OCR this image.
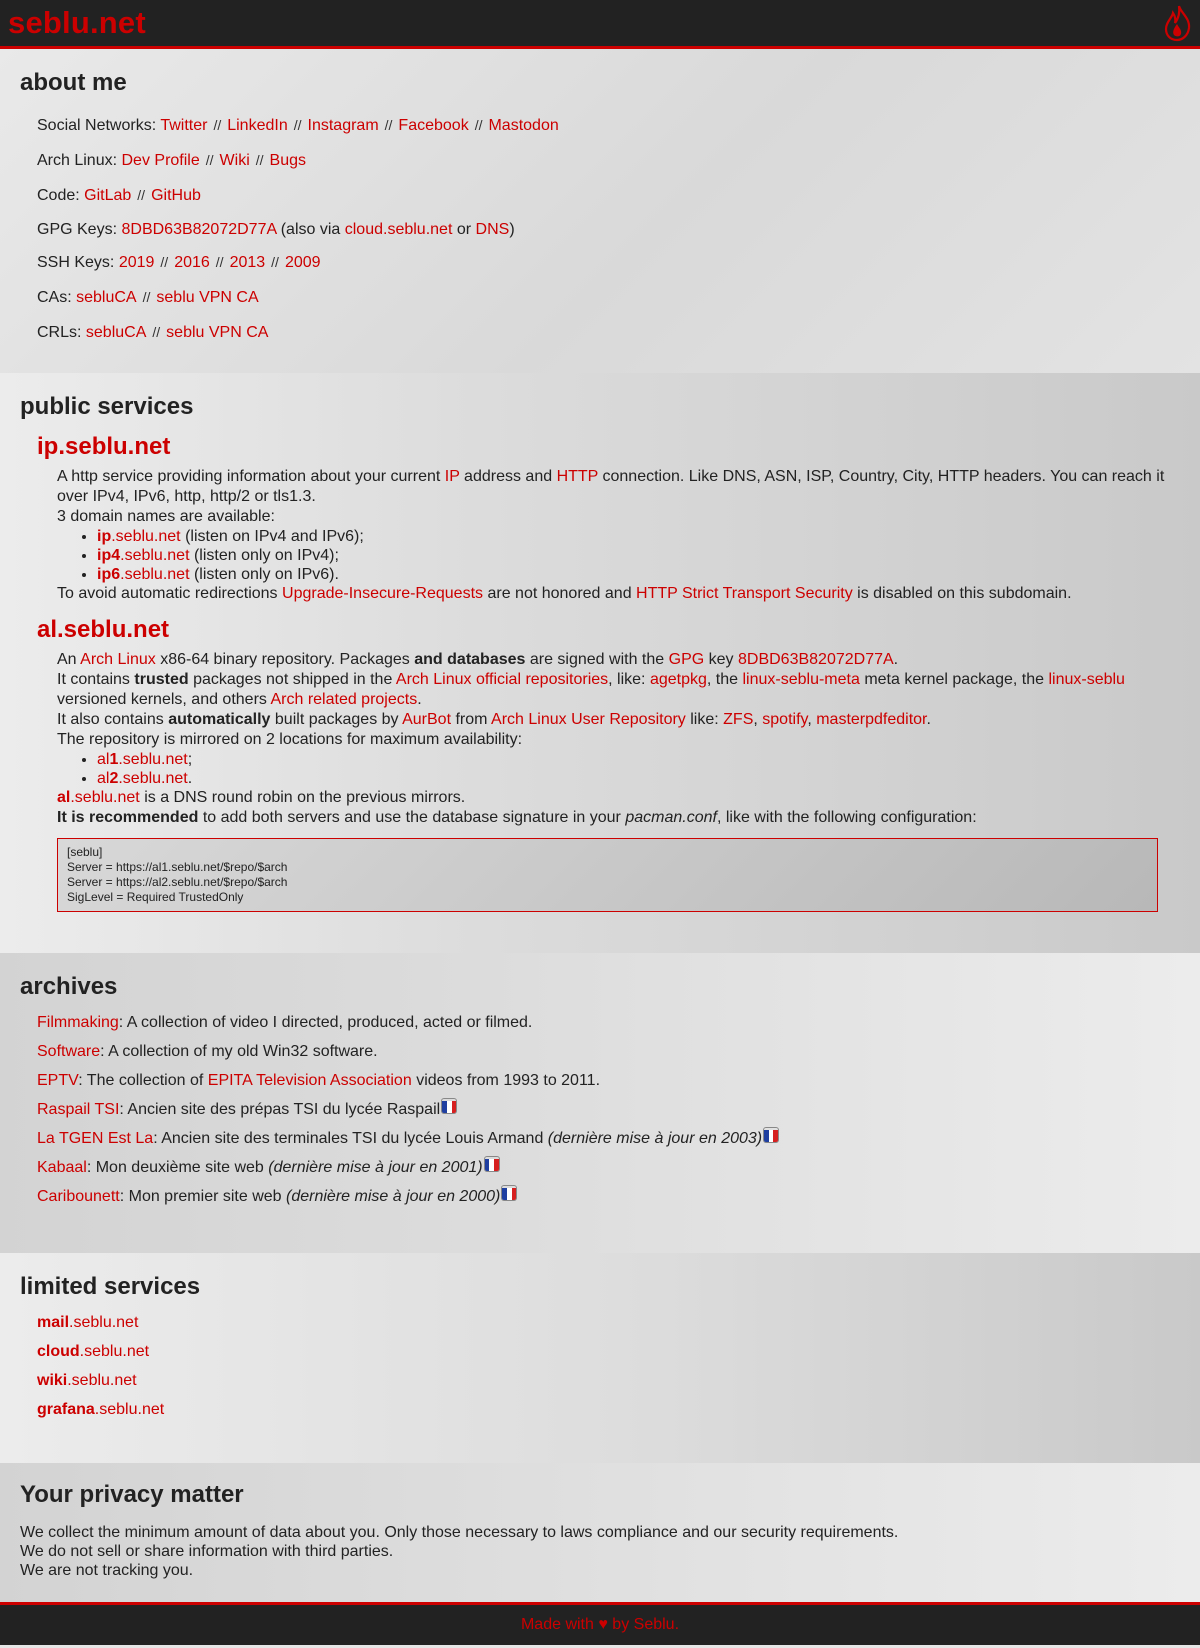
seblu.net
about me
Social Networks: Twitter // LinkedIn // Instagram // Facebook // Mastodon
Arch Linux: Dev Profile // Wiki // Bugs
Code: GitLab // GitHub
GPG Keys: 8DBD63B82072D77A (also via cloud.seblu.net or DNS)
SSH Keys: 2019 // 2016 // 2013 // 2009
CAs: sebluCA // seblu VPN CA
CRLs: sebluCA // seblu VPN CA
public services
ip.seblu.net

A http service providing information about your current IP address and HTTP connection. Like DNS, ASN, ISP, Country, City, HTTP headers. You can reach it over IPv4, IPv6, http, http/2 or tls1.3.

3 domain names are available:

• ip.seblu.net (listen on IPv4 and IPv6);
• ip4.seblu.net (listen only on IPv4);
• ip6.seblu.net (listen only on IPv6).

To avoid automatic redirections Upgrade-Insecure-Requests are not honored and HTTP Strict Transport Security is disabled on this subdomain.

al.seblu.net

An Arch Linux x86-64 binary repository. Packages and databases are signed with the GPG key 8DBD63B82072D77A.

It contains trusted packages not shipped in the Arch Linux official repositories, like: agetpkg, the linux-seblu-meta meta kernel package, the linux-seblu versioned kernels, and others Arch related projects.

It also contains automatically built packages by AurBot from Arch Linux User Repository like: ZFS, spotify, masterpdfeditor.

The repository is mirrored on 2 locations for maximum availability:

• al1.seblu.net;
• al2.seblu.net.

al.seblu.net is a DNS round robin on the previous mirrors.

It is recommended to add both servers and use the database signature in your pacman.conf, like with the following configuration:

[seblu]
Server = https://al1.seblu.net/$repo/$arch
Server = https://al2.seblu.net/$repo/$arch
SigLevel = Required TrustedOnly
archives
Filmmaking: A collection of video I directed, produced, acted or filmed.
Software: A collection of my old Win32 software.
EPTV: The collection of EPITA Television Association videos from 1993 to 2011.
Raspail TSI: Ancien site des prépas TSI du lycée Raspail
La TGEN Est La: Ancien site des terminales TSI du lycée Louis Armand (dernière mise à jour en 2003)
Kabaal: Mon deuxième site web (dernière mise à jour en 2001)
Caribounett: Mon premier site web (dernière mise à jour en 2000)
limited services
mail.seblu.net
cloud.seblu.net
wiki.seblu.net
grafana.seblu.net
Your privacy matter

We collect the minimum amount of data about you. Only those necessary to laws compliance and our security requirements.

We do not sell or share information with third parties.

We are not tracking you.

Made with ♥ by Seblu.
